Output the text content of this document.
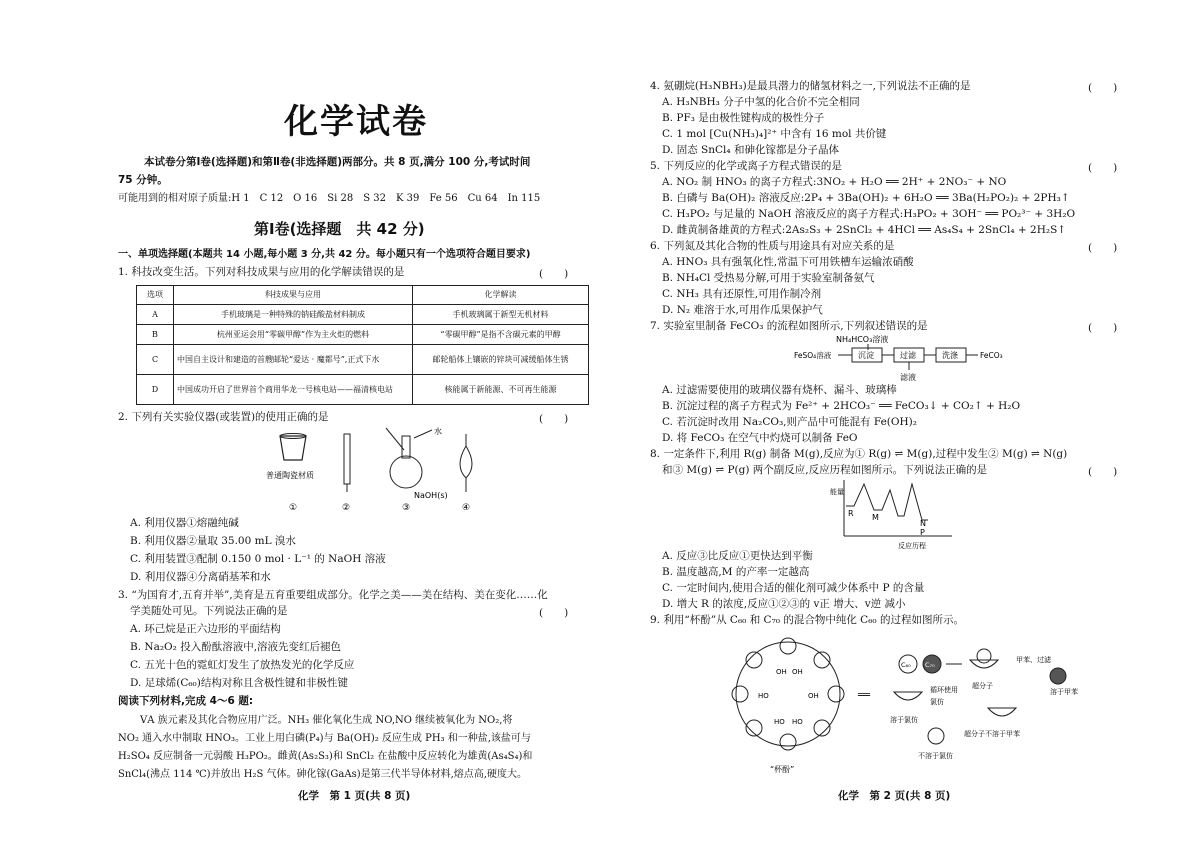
化学试卷
本试卷分第Ⅰ卷(选择题)和第Ⅱ卷(非选择题)两部分。共 8 页,满分 100 分,考试时间
75 分钟。
可能用到的相对原子质量:H 1　C 12　O 16　Si 28　S 32　K 39　Fe 56　Cu 64　In 115
第Ⅰ卷(选择题　共 42 分)
一、单项选择题(本题共 14 小题,每小题 3 分,共 42 分。每小题只有一个选项符合题目要求)
1. 科技改变生活。下列对科技成果与应用的化学解读错误的是	(　　)
选项	科技成果与应用	化学解读
A	手机玻璃是一种特殊的钠硅酸盐材料制成	手机玻璃属于新型无机材料
B	杭州亚运会用“零碳甲醇”作为主火炬的燃料	“零碳甲醇”是指不含碳元素的甲醇
C	中国自主设计和建造的首艘邮轮“爱达 · 魔都号”,正式下水	邮轮船体上镶嵌的锌块可减缓船体生锈
D	中国成功开启了世界首个商用华龙一号核电站——福清核电站	核能属于新能源、不可再生能源
2. 下列有关实验仪器(或装置)的使用正确的是	(　　)
普通陶瓷材质
①	②
水
NaOH(s)
③	④
A. 利用仪器①熔融纯碱
B. 利用仪器②量取 35.00 mL 溴水
C. 利用装置③配制 0.150 0 mol · L⁻¹ 的 NaOH 溶液
D. 利用仪器④分离硝基苯和水
3. “为国育才,五育并举”,美育是五育重要组成部分。化学之美——美在结构、美在变化……化
学美随处可见。下列说法正确的是	(　　)
A. 环己烷是正六边形的平面结构
B. Na₂O₂ 投入酚酞溶液中,溶液先变红后褪色
C. 五光十色的霓虹灯发生了放热发光的化学反应
D. 足球烯(C₆₀)结构对称且含极性键和非极性键
阅读下列材料,完成 4～6 题:
　ⅤA 族元素及其化合物应用广泛。NH₃ 催化氧化生成 NO,NO 继续被氧化为 NO₂,将
NO₂ 通入水中制取 HNO₃。工业上用白磷(P₄)与 Ba(OH)₂ 反应生成 PH₃ 和一种盐,该盐可与
H₂SO₄ 反应制备一元弱酸 H₃PO₂。雌黄(As₂S₃)和 SnCl₂ 在盐酸中反应转化为雄黄(As₄S₄)和
SnCl₄(沸点 114 ℃)并放出 H₂S 气体。砷化镓(GaAs)是第三代半导体材料,熔点高,硬度大。
化学　第 1 页(共 8 页)
4. 氨硼烷(H₃NBH₃)是最具潜力的储氢材料之一,下列说法不正确的是	(　　)
A. H₃NBH₃ 分子中氢的化合价不完全相同
B. PF₃ 是由极性键构成的极性分子
C. 1 mol [Cu(NH₃)₄]²⁺ 中含有 16 mol 共价键
D. 固态 SnCl₄ 和砷化镓都是分子晶体
5. 下列反应的化学或离子方程式错误的是	(　　)
A. NO₂ 制 HNO₃ 的离子方程式:3NO₂ + H₂O ══ 2H⁺ + 2NO₃⁻ + NO
B. 白磷与 Ba(OH)₂ 溶液反应:2P₄ + 3Ba(OH)₂ + 6H₂O ══ 3Ba(H₂PO₂)₂ + 2PH₃↑
C. H₃PO₂ 与足量的 NaOH 溶液反应的离子方程式:H₃PO₂ + 3OH⁻ ══ PO₂³⁻ + 3H₂O
D. 雌黄制备雄黄的方程式:2As₂S₃ + 2SnCl₂ + 4HCl ══ As₄S₄ + 2SnCl₄ + 2H₂S↑
6. 下列氮及其化合物的性质与用途具有对应关系的是	(　　)
A. HNO₃ 具有强氧化性,常温下可用铁槽车运输浓硝酸
B. NH₄Cl 受热易分解,可用于实验室制备氨气
C. NH₃ 具有还原性,可用作制冷剂
D. N₂ 难溶于水,可用作瓜果保护气
7. 实验室里制备 FeCO₃ 的流程如图所示,下列叙述错误的是	(　　)
NH₄HCO₃溶液
FeSO₄溶液	沉淀	过滤
滤液
洗涤	FeCO₃
A. 过滤需要使用的玻璃仪器有烧杯、漏斗、玻璃棒
B. 沉淀过程的离子方程式为 Fe²⁺ + 2HCO₃⁻ ══ FeCO₃↓ + CO₂↑ + H₂O
C. 若沉淀时改用 Na₂CO₃,则产品中可能混有 Fe(OH)₂
D. 将 FeCO₃ 在空气中灼烧可以制备 FeO
8. 一定条件下,利用 R(g) 制备 M(g),反应为① R(g) ⇌ M(g),过程中发生② M(g) ⇌ N(g)
和③ M(g) ⇌ P(g) 两个副反应,反应历程如图所示。下列说法正确的是	(　　)
能量
R M
N
P
反应历程
A. 反应③比反应①更快达到平衡
B. 温度越高,M 的产率一定越高
C. 一定时间内,使用合适的催化剂可减少体系中 P 的含量
D. 增大 R 的浓度,反应①②③的 v正 增大、v逆 减小
9. 利用“杯酚”从 C₆₀ 和 C₇₀ 的混合物中纯化 C₆₀ 的过程如图所示。
OH OH
HO HO
HO	OH
“杯酚”
══
C₆₀ C₇₀
循环使用
氯仿
溶于氯仿
超分子
甲苯、过滤
溶于甲苯
超分子不溶于甲苯
不溶于氯仿
化学　第 2 页(共 8 页)
